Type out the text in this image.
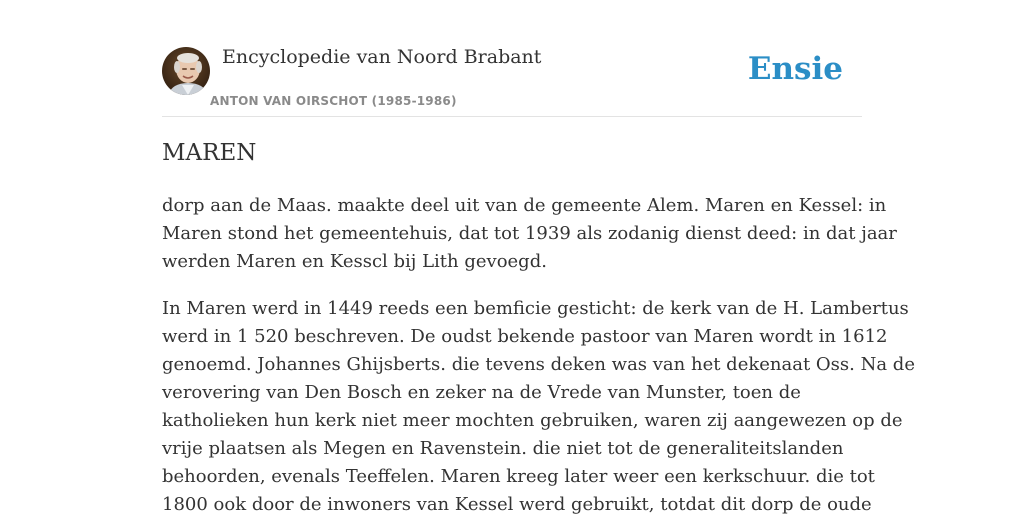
Encyclopedie van Noord Brabant
ANTON VAN OIRSCHOT (1985-1986)
Ensie
MAREN

dorp aan de Maas. maakte deel uit van de gemeente Alem. Maren en Kessel: in
Maren stond het gemeentehuis, dat tot 1939 als zodanig dienst deed: in dat jaar
werden Maren en Kesscl bij Lith gevoegd.

In Maren werd in 1449 reeds een bemficie gesticht: de kerk van de H. Lambertus
werd in 1 520 beschreven. De oudst bekende pastoor van Maren wordt in 1612
genoemd. Johannes Ghijsberts. die tevens deken was van het dekenaat Oss. Na de
verovering van Den Bosch en zeker na de Vrede van Munster, toen de
katholieken hun kerk niet meer mochten gebruiken, waren zij aangewezen op de
vrije plaatsen als Megen en Ravenstein. die niet tot de generaliteitslanden
behoorden, evenals Teeffelen. Maren kreeg later weer een kerkschuur. die tot
1800 ook door de inwoners van Kessel werd gebruikt, totdat dit dorp de oude
